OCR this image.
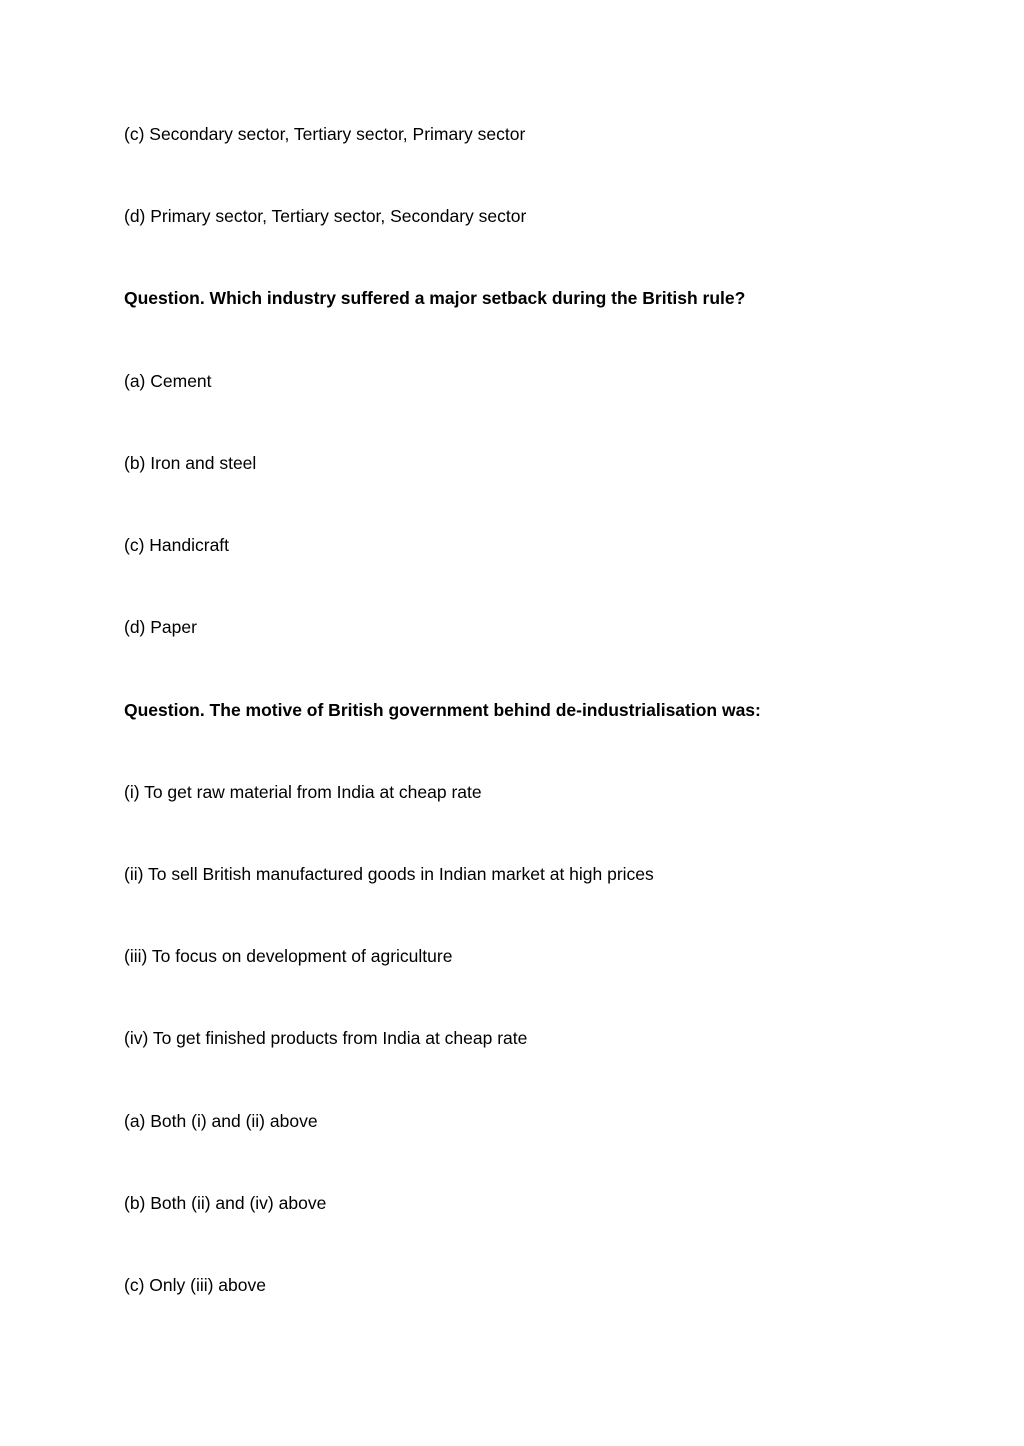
(c) Secondary sector, Tertiary sector, Primary sector
(d) Primary sector, Tertiary sector, Secondary sector
Question. Which industry suffered a major setback during the British rule?
(a) Cement
(b) Iron and steel
(c) Handicraft
(d) Paper
Question. The motive of British government behind de-industrialisation was:
(i) To get raw material from India at cheap rate
(ii) To sell British manufactured goods in Indian market at high prices
(iii) To focus on development of agriculture
(iv) To get finished products from India at cheap rate
(a) Both (i) and (ii) above
(b) Both (ii) and (iv) above
(c) Only (iii) above
